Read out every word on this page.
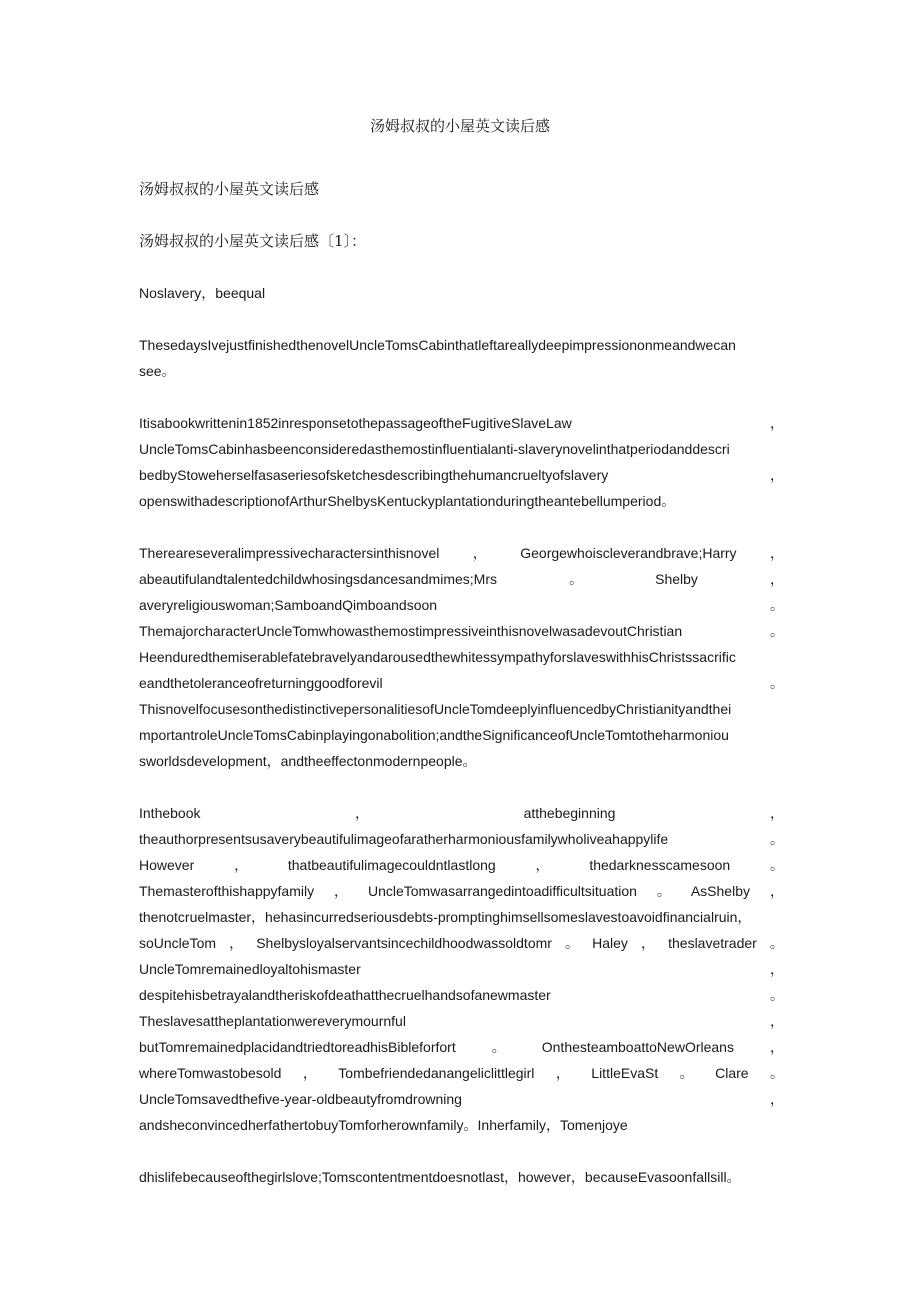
汤姆叔叔的小屋英文读后感

汤姆叔叔的小屋英文读后感

汤姆叔叔的小屋英文读后感〔1〕：

Noslavery，beequal

ThesedaysIvejustfinishedthenovelUncleTomsCabinthatleftareallydeepimpressiononmeandwecan
see。
Itisabookwrittenin1852inresponsetothepassageoftheFugitiveSlaveLaw	，
UncleTomsCabinhasbeenconsideredasthemostinfluentialanti-slaverynovelinthatperiodanddescri
bedbyStoweherselfasaseriesofsketchesdescribingthehumancrueltyofslavery	，
openswithadescriptionofArthurShelbysKentuckyplantationduringtheantebellumperiod。
Thereareseveralimpressivecharactersinthisnovel ， Georgewhoiscleverandbrave;Harry ，
abeautifulandtalentedchildwhosingsdancesandmimes;Mrs	。	Shelby	，
averyreligiouswoman;SamboandQimboandsoon	。
ThemajorcharacterUncleTomwhowasthemostimpressiveinthisnovelwasadevoutChristian	。
HeenduredthemiserablefatebravelyandarousedthewhitessympathyforslaveswithhisChristssacrific
eandthetoleranceofreturninggoodforevil	。
ThisnovelfocusesonthedistinctivepersonalitiesofUncleTomdeeplyinfluencedbyChristianityandthei
mportantroleUncleTomsCabinplayingonabolition;andtheSignificanceofUncleTomtotheharmoniou
sworldsdevelopment，andtheeffectonmodernpeople。
Inthebook	，	atthebeginning	，
theauthorpresentsusaverybeautifulimageofaratherharmoniousfamilywholiveahappylife	。
However	，	thatbeautifulimagecouldntlastlong	，	thedarknesscamesoon	。
Themasterofthishappyfamily ， UncleTomwasarrangedintoadifficultsituation 。 AsShelby ，
thenotcruelmaster，hehasincurredseriousdebts-promptinghimsellsomeslavestoavoidfinancialruin，
soUncleTom ， Shelbysloyalservantsincechildhoodwassoldtomr 。 Haley ， theslavetrader 。
UncleTomremainedloyaltohismaster	，
despitehisbetrayalandtheriskofdeathatthecruelhandsofanewmaster	。
Theslavesattheplantationwereverymournful	，
butTomremainedplacidandtriedtoreadhisBibleforfort	。	OnthesteamboattoNewOrleans	，
whereTomwastobesold ， Tombefriendedanangeliclittlegirl ， LittleEvaSt 。 Clare 。
UncleTomsavedthefive-year-oldbeautyfromdrowning	，
andsheconvincedherfathertobuyTomforherownfamily。Inherfamily，Tomenjoye
dhislifebecauseofthegirlslove;Tomscontentmentdoesnotlast，however，becauseEvasoonfallsill。
